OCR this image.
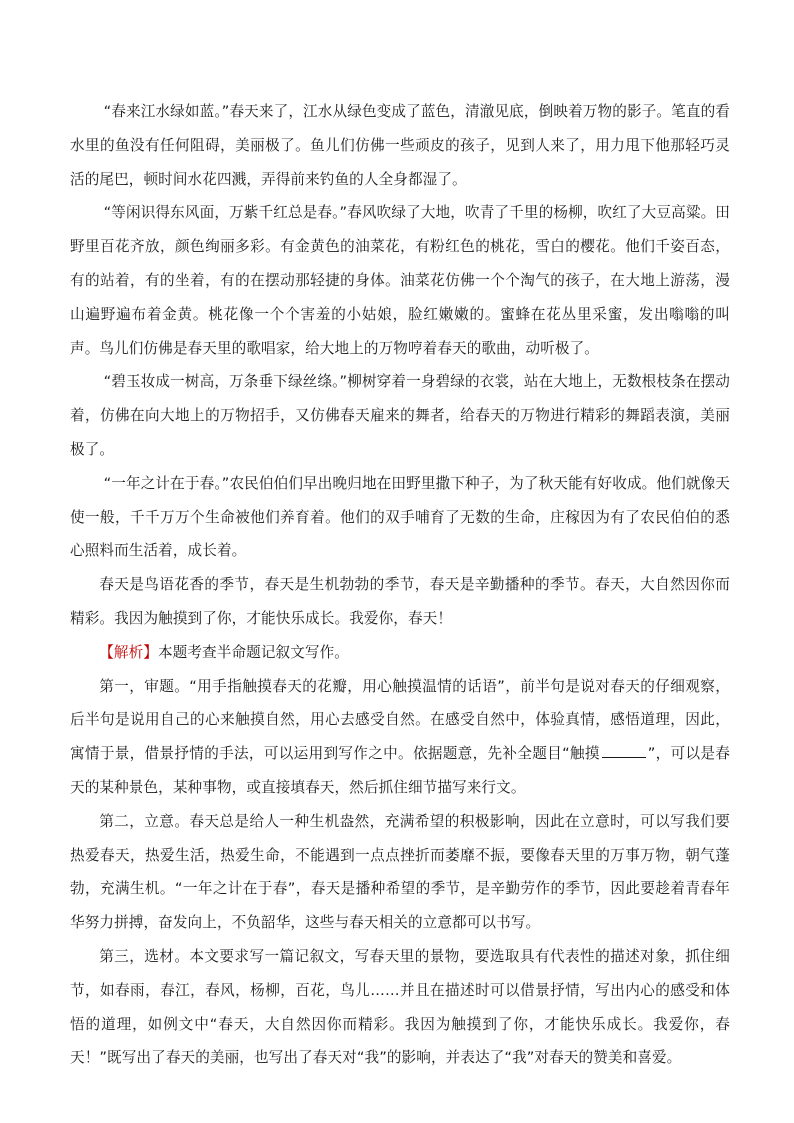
“春来江水绿如蓝。”春天来了，江水从绿色变成了蓝色，清澈见底，倒映着万物的影子。笔直的看水里的鱼没有任何阻碍，美丽极了。鱼儿们仿佛一些顽皮的孩子，见到人来了，用力甩下他那轻巧灵活的尾巴，顿时间水花四溅，弄得前来钓鱼的人全身都湿了。

“等闲识得东风面，万紫千红总是春。”春风吹绿了大地，吹青了千里的杨柳，吹红了大豆高粱。田野里百花齐放，颜色绚丽多彩。有金黄色的油菜花，有粉红色的桃花，雪白的樱花。他们千姿百态，有的站着，有的坐着，有的在摆动那轻捷的身体。油菜花仿佛一个个淘气的孩子，在大地上游荡，漫山遍野遍布着金黄。桃花像一个个害羞的小姑娘，脸红嫩嫩的。蜜蜂在花丛里采蜜，发出嗡嗡的叫声。鸟儿们仿佛是春天里的歌唱家，给大地上的万物哼着春天的歌曲，动听极了。

“碧玉妆成一树高，万条垂下绿丝绦。”柳树穿着一身碧绿的衣裳，站在大地上，无数根枝条在摆动着，仿佛在向大地上的万物招手，又仿佛春天雇来的舞者，给春天的万物进行精彩的舞蹈表演，美丽极了。

“一年之计在于春。”农民伯伯们早出晚归地在田野里撒下种子，为了秋天能有好收成。他们就像天使一般，千千万万个生命被他们养育着。他们的双手哺育了无数的生命，庄稼因为有了农民伯伯的悉心照料而生活着，成长着。

春天是鸟语花香的季节，春天是生机勃勃的季节，春天是辛勤播种的季节。春天，大自然因你而精彩。我因为触摸到了你，才能快乐成长。我爱你，春天！

【解析】本题考查半命题记叙文写作。

第一，审题。“用手指触摸春天的花瓣，用心触摸温情的话语”，前半句是说对春天的仔细观察，后半句是说用自己的心来触摸自然，用心去感受自然。在感受自然中，体验真情，感悟道理，因此，寓情于景，借景抒情的手法，可以运用到写作之中。依据题意，先补全题目“触摸	”，可以是春天的某种景色，某种事物，或直接填春天，然后抓住细节描写来行文。

第二，立意。春天总是给人一种生机盎然，充满希望的积极影响，因此在立意时，可以写我们要热爱春天，热爱生活，热爱生命，不能遇到一点点挫折而萎靡不振，要像春天里的万事万物，朝气蓬勃，充满生机。“一年之计在于春”，春天是播种希望的季节，是辛勤劳作的季节，因此要趁着青春年华努力拼搏，奋发向上，不负韶华，这些与春天相关的立意都可以书写。

第三，选材。本文要求写一篇记叙文，写春天里的景物，要选取具有代表性的描述对象，抓住细节，如春雨，春江，春风，杨柳，百花，鸟儿……并且在描述时可以借景抒情，写出内心的感受和体悟的道理，如例文中“春天，大自然因你而精彩。我因为触摸到了你，才能快乐成长。我爱你，春天！”既写出了春天的美丽，也写出了春天对“我”的影响，并表达了“我”对春天的赞美和喜爱。
